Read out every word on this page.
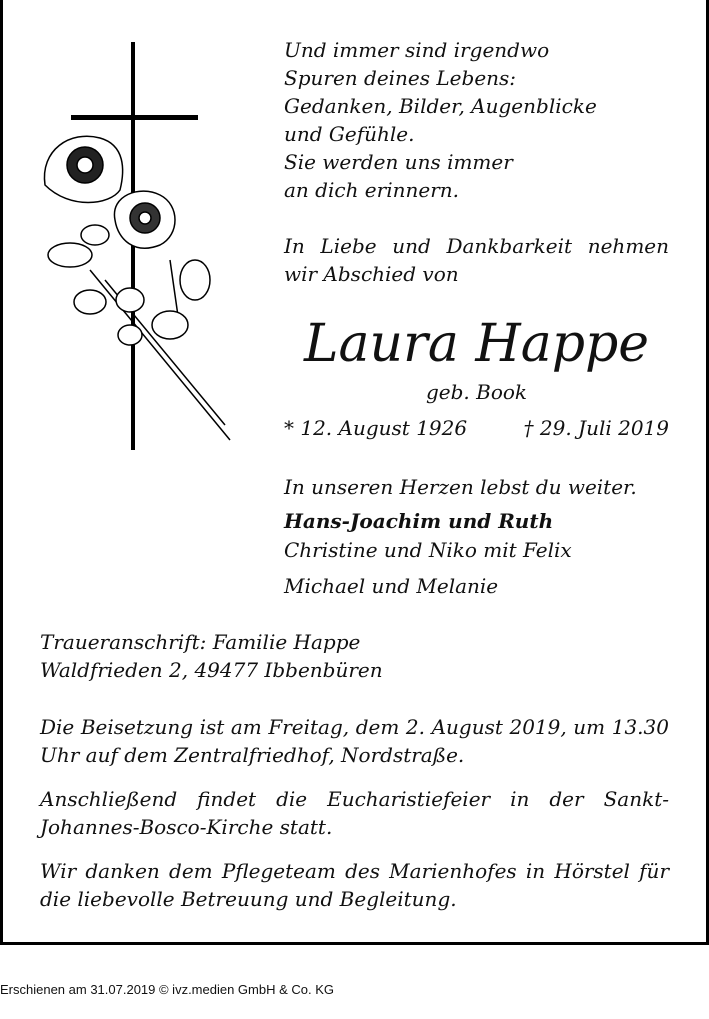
Und immer sind irgendwo
Spuren deines Lebens:
Gedanken, Bilder, Augenblicke
und Gefühle.
Sie werden uns immer
an dich erinnern.

In Liebe und Dankbarkeit nehmen wir Abschied von

Laura Happe
geb. Book
* 12. August 1926	† 29. Juli 2019

In unseren Herzen lebst du weiter.

Hans-Joachim und Ruth

Christine und Niko mit Felix

Michael und Melanie

Traueranschrift: Familie Happe
Waldfrieden 2, 49477 Ibbenbüren

Die Beisetzung ist am Freitag, dem 2. August 2019, um 13.30 Uhr auf dem Zentralfriedhof, Nordstraße.

Anschließend findet die Eucharistiefeier in der Sankt-Johannes-Bosco-Kirche statt.

Wir danken dem Pflegeteam des Marienhofes in Hörstel für die liebevolle Betreuung und Begleitung.

Erschienen am 31.07.2019 © ivz.medien GmbH & Co. KG
